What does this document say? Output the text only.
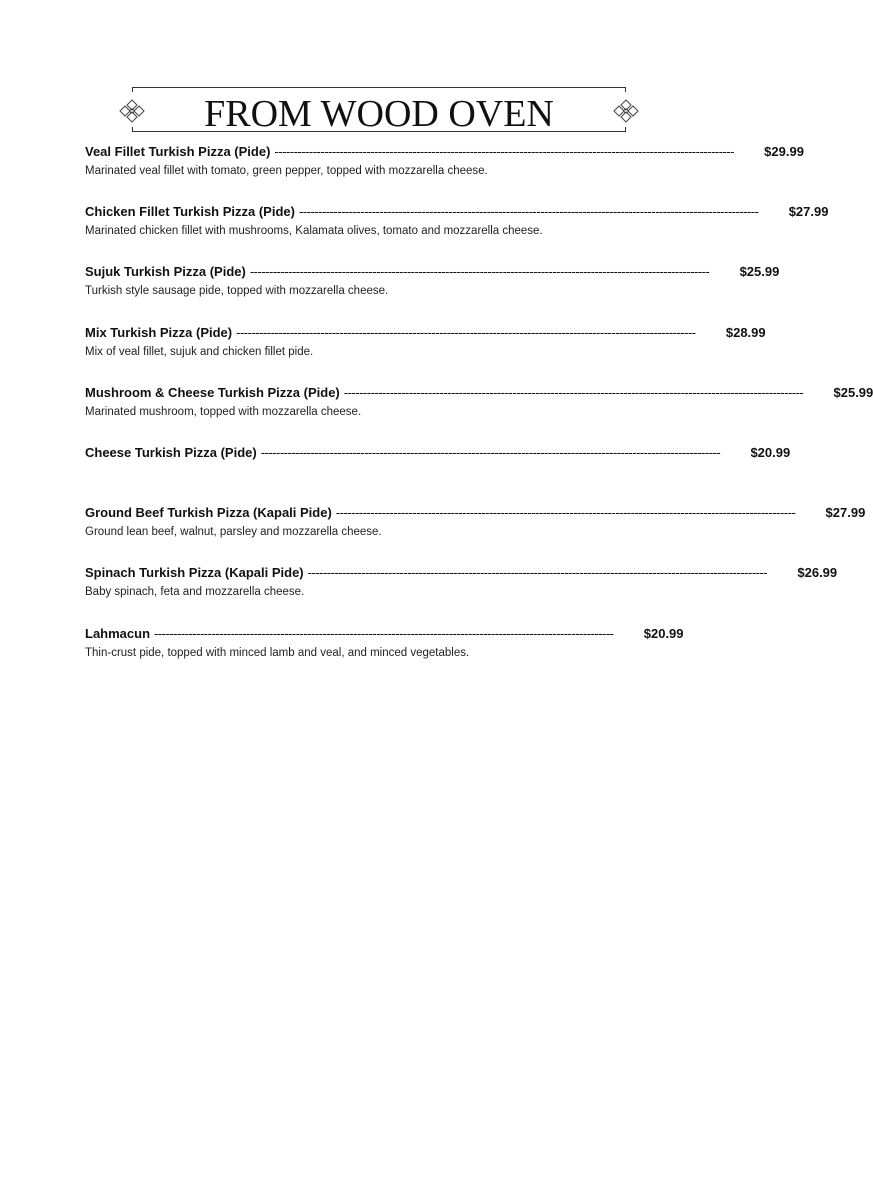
FROM WOOD OVEN
Veal Fillet Turkish Pizza (Pide) ------------------------------------------------------------------------------------------------------------------------	$29.99
Marinated veal fillet with tomato, green pepper, topped with mozzarella cheese.
Chicken Fillet Turkish Pizza (Pide) ------------------------------------------------------------------------------------------------------------------------	$27.99
Marinated chicken fillet with mushrooms, Kalamata olives, tomato and mozzarella cheese.
Sujuk Turkish Pizza (Pide) ------------------------------------------------------------------------------------------------------------------------	$25.99
Turkish style sausage pide, topped with mozzarella cheese.
Mix Turkish Pizza (Pide) ------------------------------------------------------------------------------------------------------------------------	$28.99
Mix of veal fillet, sujuk and chicken fillet pide.
Mushroom & Cheese Turkish Pizza (Pide) ------------------------------------------------------------------------------------------------------------------------	$25.99
Marinated mushroom, topped with mozzarella cheese.
Cheese Turkish Pizza (Pide) ------------------------------------------------------------------------------------------------------------------------	$20.99
Ground Beef Turkish Pizza (Kapali Pide) ------------------------------------------------------------------------------------------------------------------------	$27.99
Ground lean beef, walnut, parsley and mozzarella cheese.
Spinach Turkish Pizza (Kapali Pide) ------------------------------------------------------------------------------------------------------------------------	$26.99
Baby spinach, feta and mozzarella cheese.
Lahmacun ------------------------------------------------------------------------------------------------------------------------	$20.99
Thin-crust pide, topped with minced lamb and veal, and minced vegetables.
